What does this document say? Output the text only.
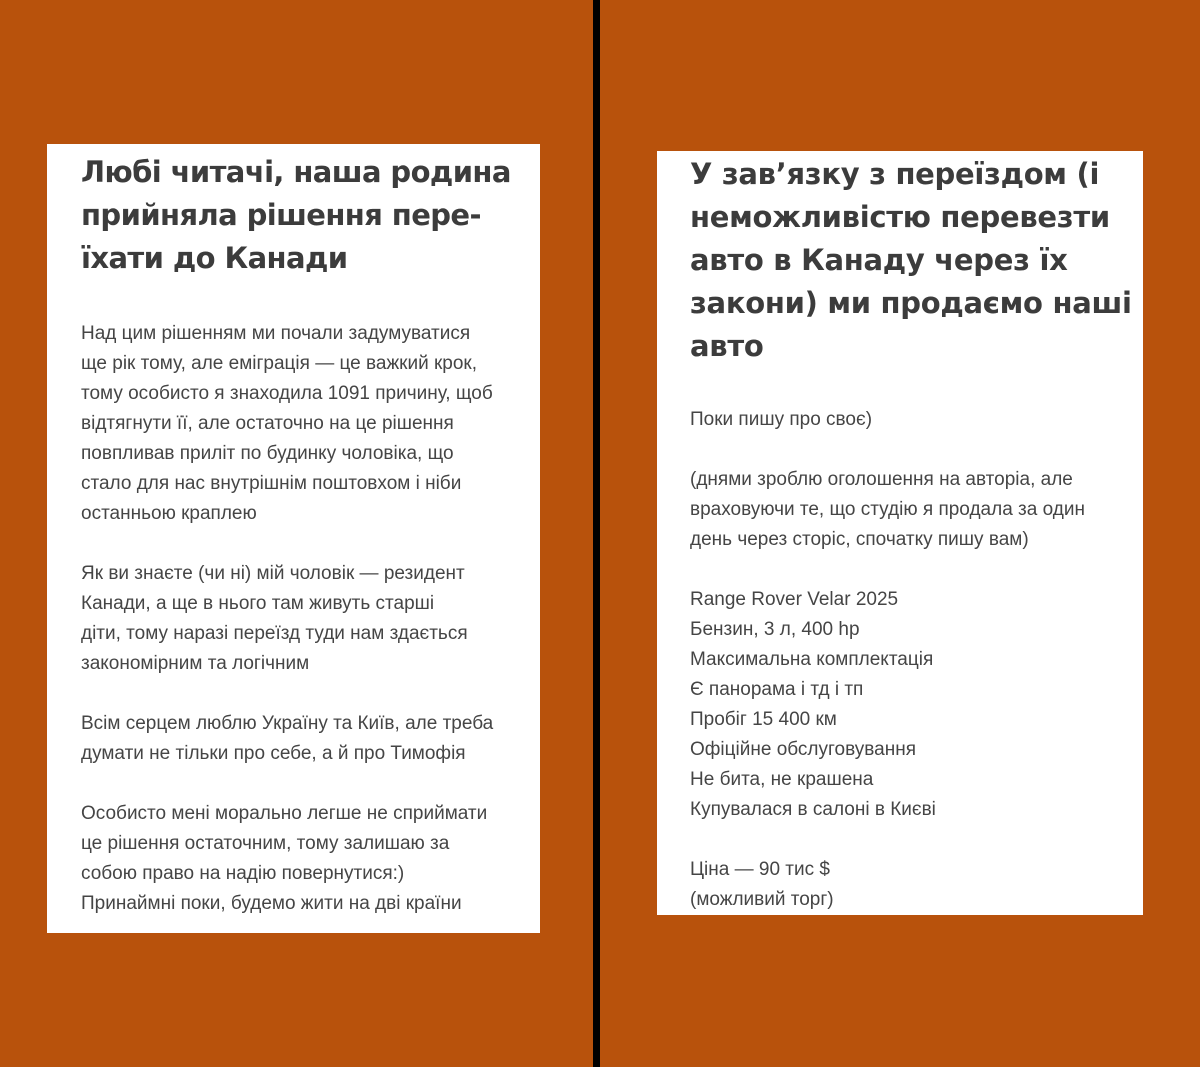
Любі читачі, наша родина
прийняла рішення пере-
їхати до Канади

Над цим рішенням ми почали задумуватися
ще рік тому, але еміграція — це важкий крок,
тому особисто я знаходила 1091 причину, щоб
відтягнути її, але остаточно на це рішення
повпливав приліт по будинку чоловіка, що
стало для нас внутрішнім поштовхом і ніби
останньою краплею

Як ви знаєте (чи ні) мій чоловік — резидент
Канади, а ще в нього там живуть старші
діти, тому наразі переїзд туди нам здається
закономірним та логічним

Всім серцем люблю Україну та Київ, але треба
думати не тільки про себе, а й про Тимофія

Особисто мені морально легше не сприймати
це рішення остаточним, тому залишаю за
собою право на надію повернутися:)
Принаймні поки, будемо жити на дві країни

У зав’язку з переїздом (і
неможливістю перевезти
авто в Канаду через їх
закони) ми продаємо наші
авто

Поки пишу про своє)

(днями зроблю оголошення на авторіа, але
враховуючи те, що студію я продала за один
день через сторіс, спочатку пишу вам)

Range Rover Velar 2025
Бензин, 3 л, 400 hp
Максимальна комплектація
Є панорама і тд і тп
Пробіг 15 400 км
Офіційне обслуговування
Не бита, не крашена
Купувалася в салоні в Києві

Ціна — 90 тис $
(можливий торг)
